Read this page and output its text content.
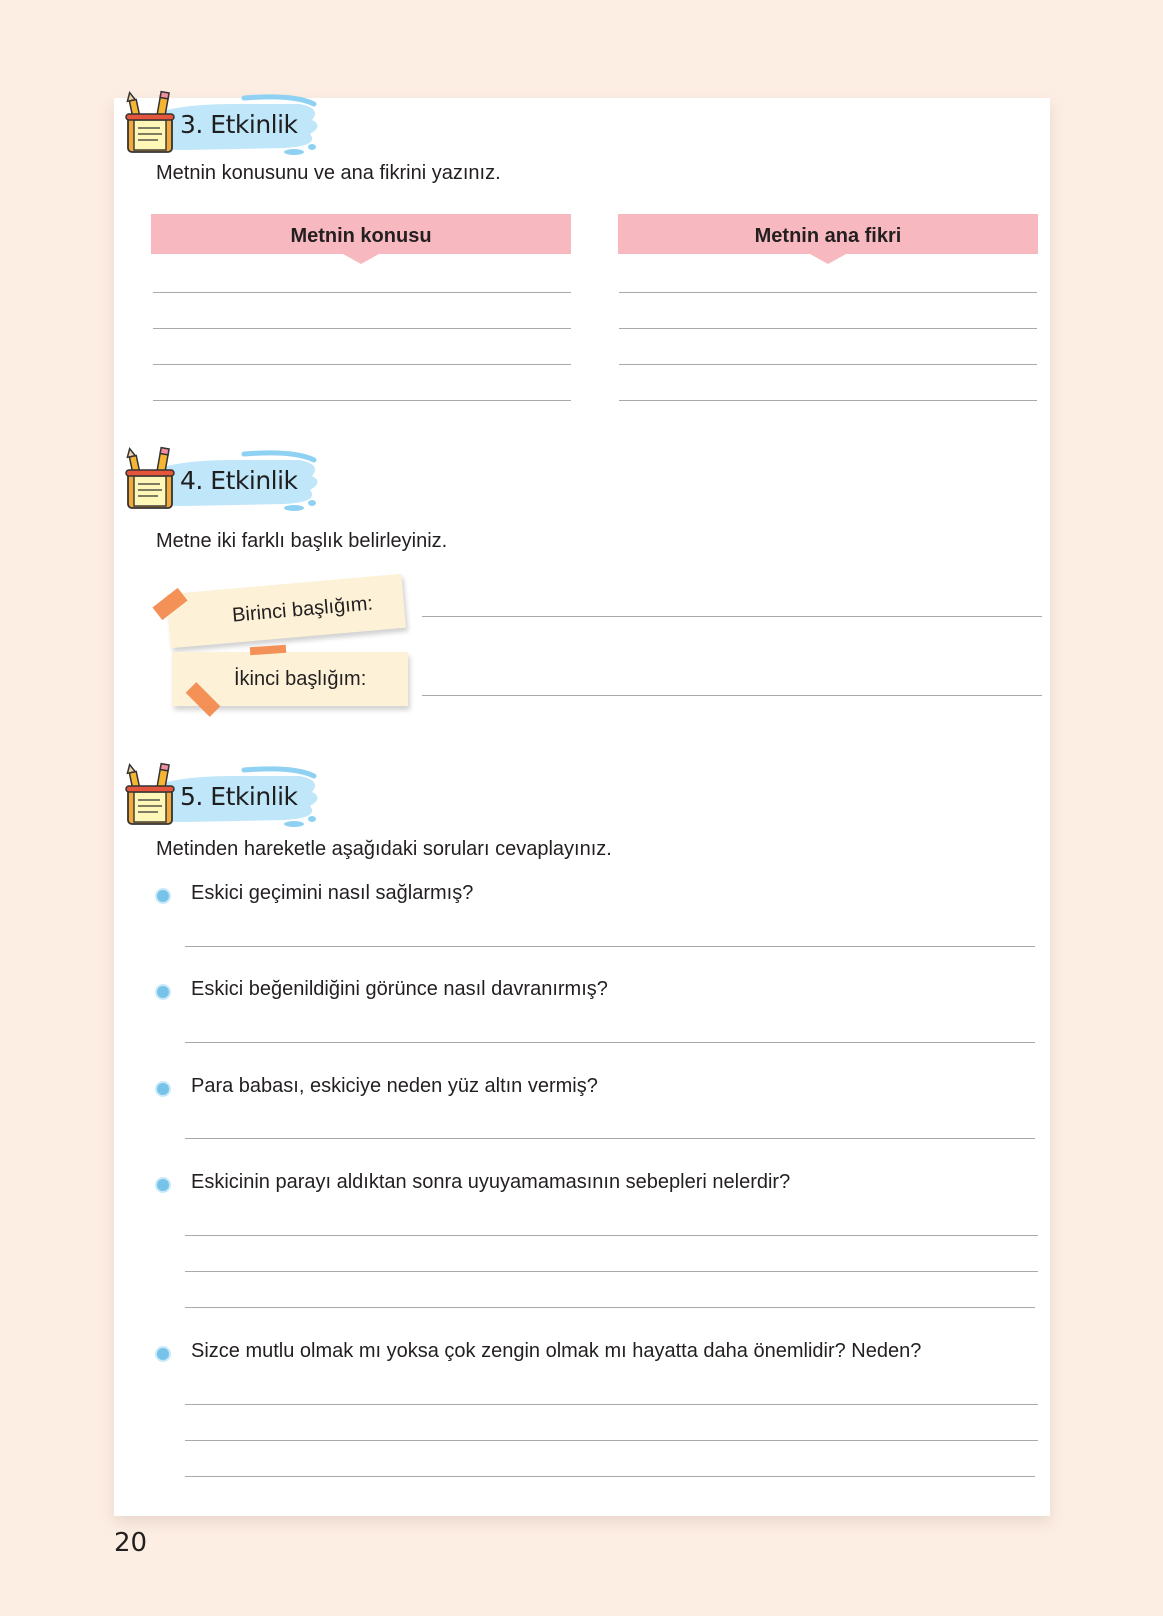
3. Etkinlik
Metnin konusunu ve ana fikrini yazınız.
Metnin konusu	Metnin ana fikri
4. Etkinlik
Metne iki farklı başlık belirleyiniz.
Birinci başlığım:
İkinci başlığım:
5. Etkinlik
Metinden hareketle aşağıdaki soruları cevaplayınız.
Eskici geçimini nasıl sağlarmış?
Eskici beğenildiğini görünce nasıl davranırmış?
Para babası, eskiciye neden yüz altın vermiş?
Eskicinin parayı aldıktan sonra uyuyamamasının sebepleri nelerdir?
Sizce mutlu olmak mı yoksa çok zengin olmak mı hayatta daha önemlidir? Neden?
20
